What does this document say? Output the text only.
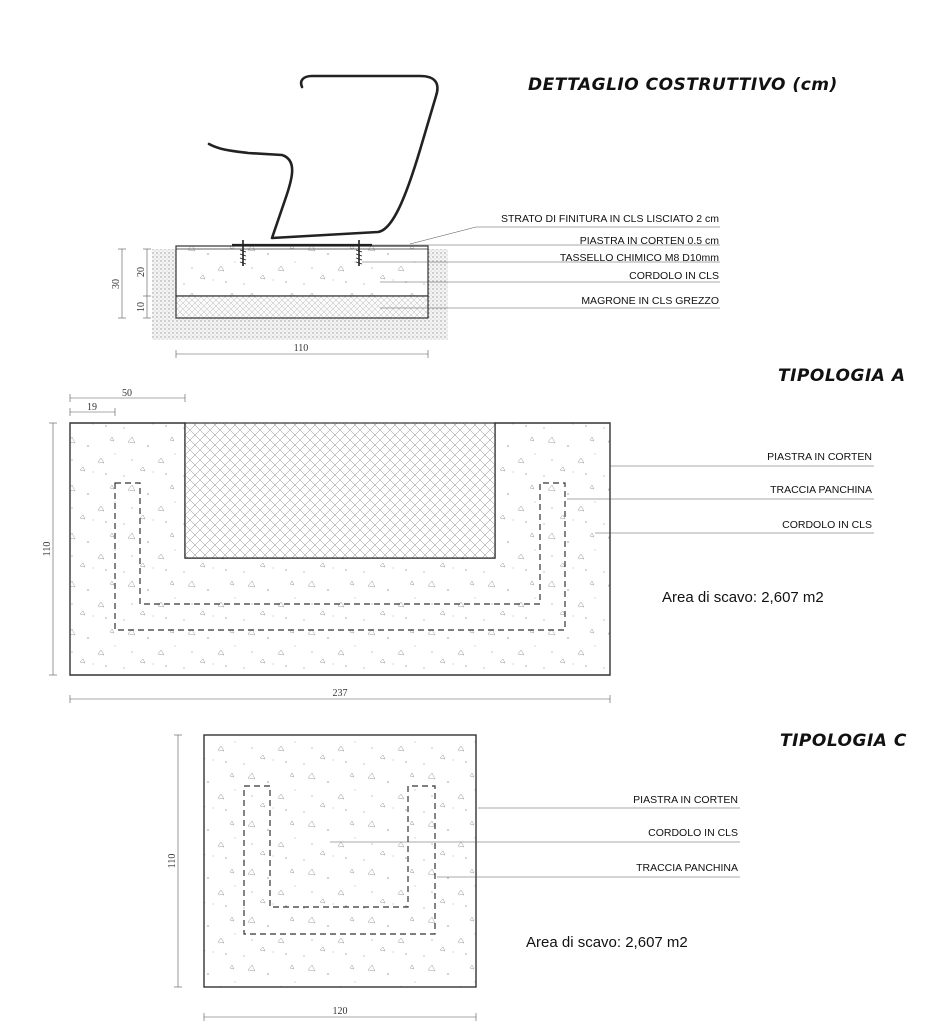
DETTAGLIO COSTRUTTIVO (cm)
STRATO DI FINITURA IN CLS LISCIATO 2 cm
PIASTRA IN CORTEN 0.5 cm
TASSELLO CHIMICO M8 D10mm
CORDOLO IN CLS
MAGRONE IN CLS GREZZO
30
20
10
110
TIPOLOGIA A
PIASTRA IN CORTEN
TRACCIA PANCHINA
CORDOLO IN CLS
Area di scavo: 2,607 m2
50
19
110
237
TIPOLOGIA C
PIASTRA IN CORTEN
CORDOLO IN CLS
TRACCIA PANCHINA
Area di scavo: 2,607 m2
110
120
